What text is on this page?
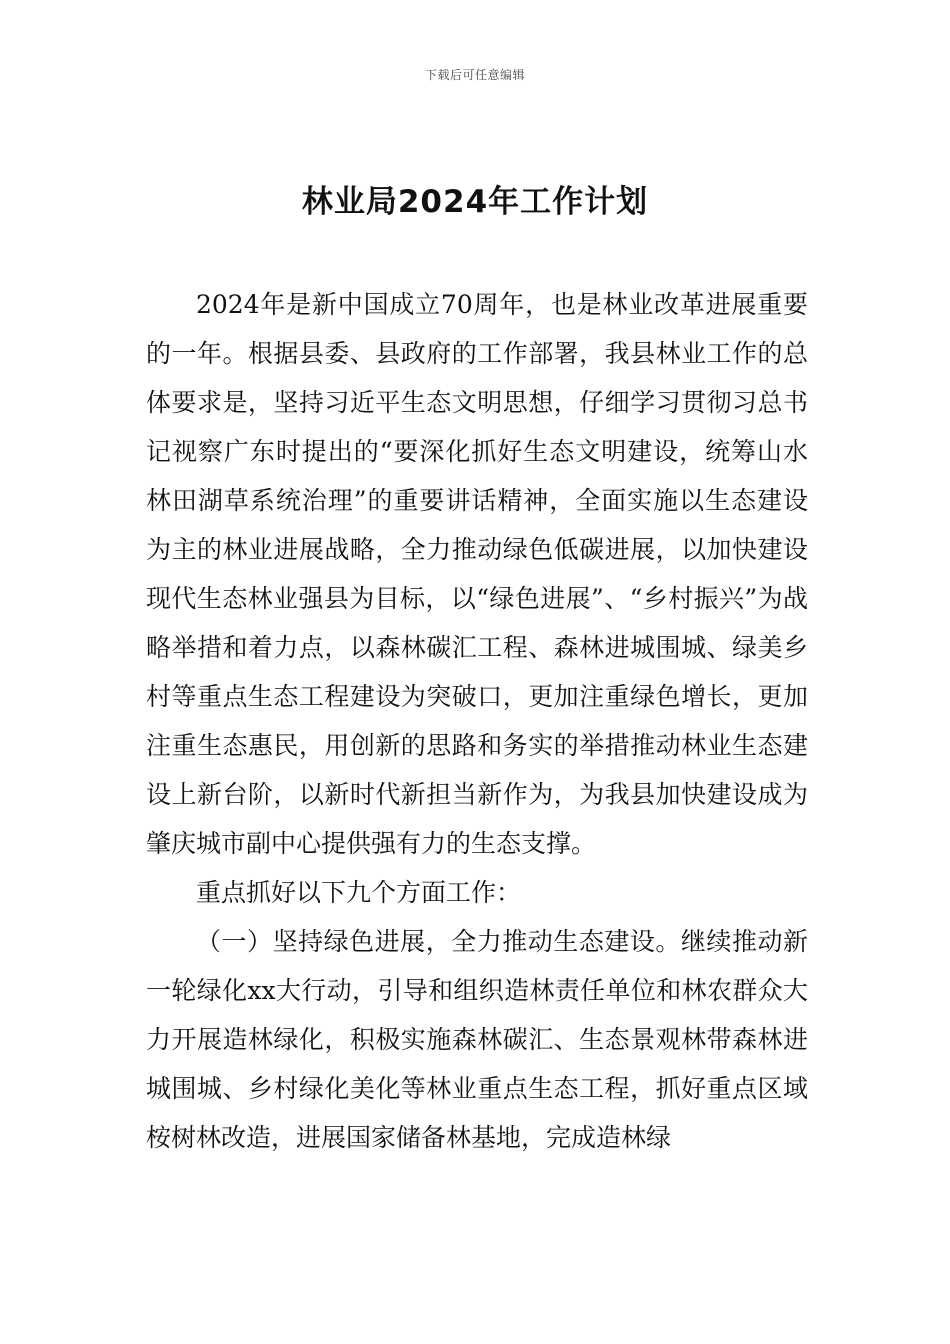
下载后可任意编辑
林业局2024年工作计划

2024年是新中国成立70周年，也是林业改革进展重要的一年。根据县委、县政府的工作部署，我县林业工作的总体要求是，坚持习近平生态文明思想，仔细学习贯彻习总书记视察广东时提出的“要深化抓好生态文明建设，统筹山水林田湖草系统治理”的重要讲话精神，全面实施以生态建设为主的林业进展战略，全力推动绿色低碳进展，以加快建设现代生态林业强县为目标，以“绿色进展”、“乡村振兴”为战略举措和着力点，以森林碳汇工程、森林进城围城、绿美乡村等重点生态工程建设为突破口，更加注重绿色增长，更加注重生态惠民，用创新的思路和务实的举措推动林业生态建设上新台阶，以新时代新担当新作为，为我县加快建设成为肇庆城市副中心提供强有力的生态支撑。

重点抓好以下九个方面工作：

（一）坚持绿色进展，全力推动生态建设。继续推动新一轮绿化xx大行动，引导和组织造林责任单位和林农群众大力开展造林绿化，积极实施森林碳汇、生态景观林带森林进城围城、乡村绿化美化等林业重点生态工程，抓好重点区域桉树林改造，进展国家储备林基地，完成造林绿
